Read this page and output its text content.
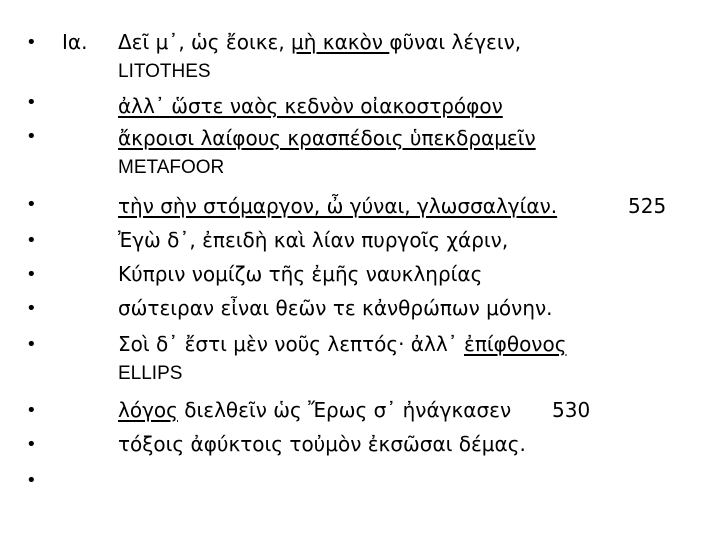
•
•
•
•
•
•
•
•
•
•
•
Ια. Δεῖ μ᾽, ὡς ἔοικε, μὴ κακὸν φῦναι λέγειν,
LITOTHES
ἀλλ᾽ ὥστε ναὸς κεδνὸν οἰακοστρόφον
ἄκροισι λαίφους κρασπέδοις ὑπεκδραμεῖν
METAFOOR
τὴν σὴν στόμαργον, ὦ γύναι, γλωσσαλγίαν.	525
Ἐγὼ δ᾽, ἐπειδὴ καὶ λίαν πυργοῖς χάριν,
Κύπριν νομίζω τῆς ἐμῆς ναυκληρίας
σώτειραν εἶναι θεῶν τε κἀνθρώπων μόνην.
Σοὶ δ᾽ ἔστι μὲν νοῦς λεπτός· ἀλλ᾽ ἐπίφθονος
ELLIPS
λόγος διελθεῖν ὡς Ἔρως σ᾽ ἠνάγκασεν 530
τόξοις ἀφύκτοις τοὐμὸν ἐκσῶσαι δέμας.
